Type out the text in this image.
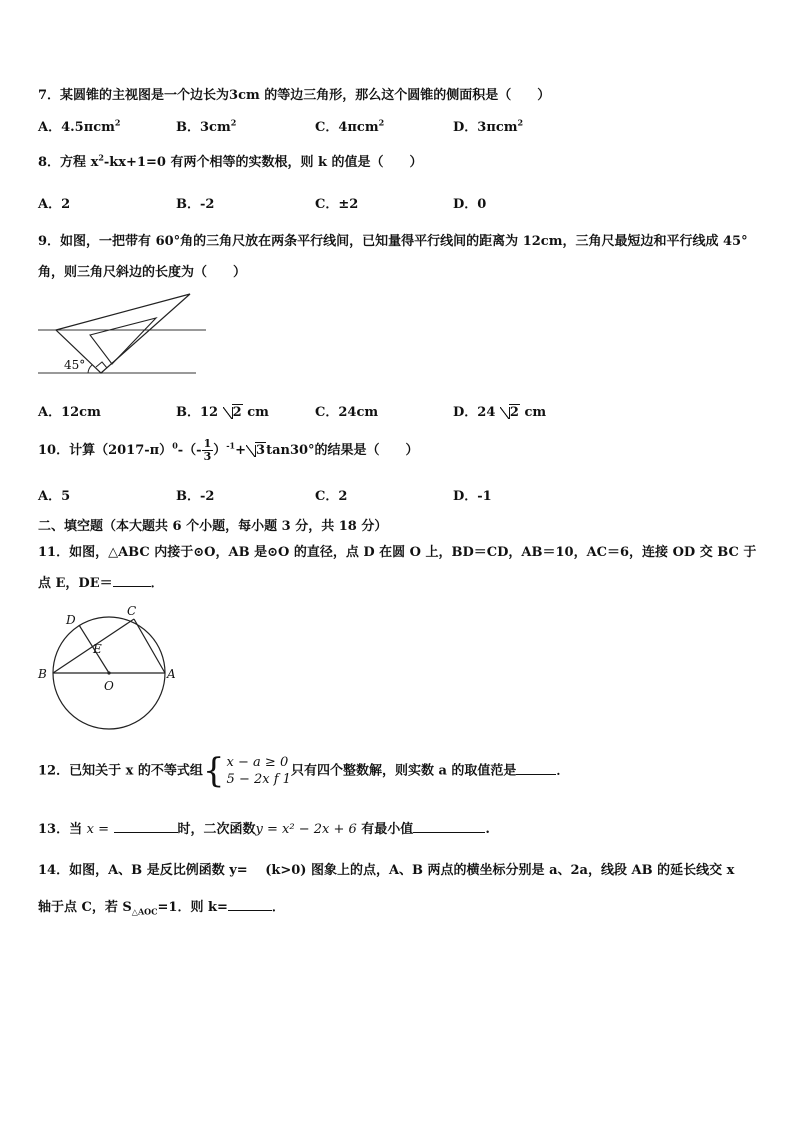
7．某圆锥的主视图是一个边长为3cm 的等边三角形，那么这个圆锥的侧面积是（　　）
A．4.5πcm$^2$	B．$3cm^2$	C．4πcm$^2$	D．3πcm$^2$
8．方程 $x^2-kx+1=0$ 有两个相等的实数根，则 k 的值是（　　）
A．2	B．-2	C．±2	D．0
9．如图，一把带有 60°角的三角尺放在两条平行线间，已知量得平行线间的距离为 12cm，三角尺最短边和平行线成 45°
角，则三角尺斜边的长度为（　　）
45°
A．12cm	B．12 2 cm	C．24cm	D．24 2 cm
10．计算$(2017-\pi)^0-(- \frac{1}{3} )^{-1}+ 3\tan 30^\circ$的结果是（　　）
A．5	B．-2	C．2	D．-1
二、填空题（本大题共 6 个小题，每小题 3 分，共 18 分）
11．如图，△ABC 内接于⊙O，AB 是⊙O 的直径，点 D 在圆 O 上，BD＝CD，AB＝10，AC＝6，连接 OD 交 BC 于
点 E，DE＝	．
D
C
E
B
O
A
12．已知关于 x 的不等式组 { x − a ≥ 0
5 − 2x f 1
只有四个整数解，则实数 a 的取值范是	．
13．当 x =	时，二次函数y = x² − 2x + 6 有最小值	.
14．如图，A、B 是反比例函数 y=　 (k>0) 图象上的点，A、B 两点的横坐标分别是 a、2a，线段 AB 的延长线交 x
轴于点 C，若 $S_{\triangle AOC}=1$．则 k=	．
